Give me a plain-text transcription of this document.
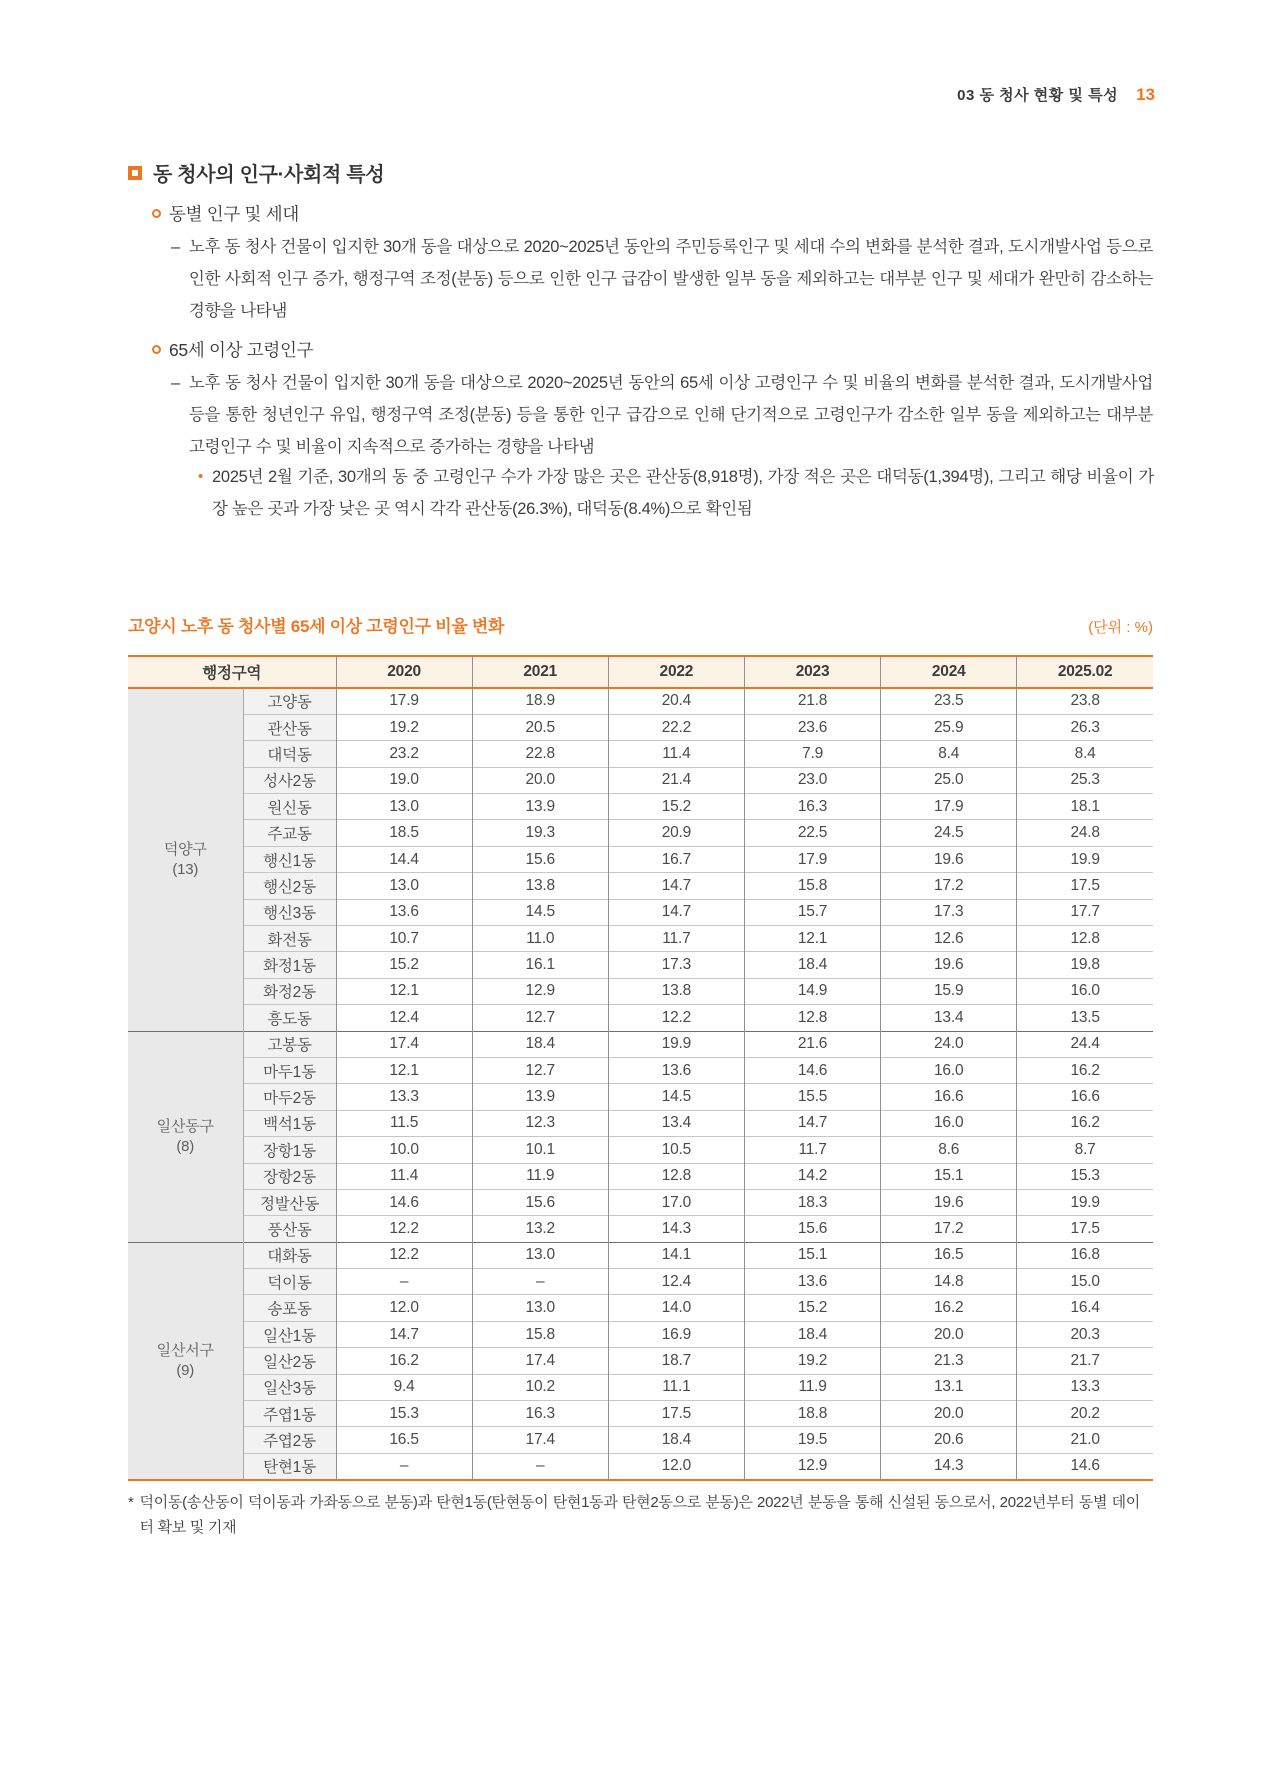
03 동 청사 현황 및 특성 13
동 청사의 인구·사회적 특성
동별 인구 및 세대
– 노후 동 청사 건물이 입지한 30개 동을 대상으로 2020~2025년 동안의 주민등록인구 및 세대 수의 변화를 분석한 결과, 도시개발사업 등으로 인한 사회적 인구 증가, 행정구역 조정(분동) 등으로 인한 인구 급감이 발생한 일부 동을 제외하고는 대부분 인구 및 세대가 완만히 감소하는 경향을 나타냄
65세 이상 고령인구
– 노후 동 청사 건물이 입지한 30개 동을 대상으로 2020~2025년 동안의 65세 이상 고령인구 수 및 비율의 변화를 분석한 결과, 도시개발사업 등을 통한 청년인구 유입, 행정구역 조정(분동) 등을 통한 인구 급감으로 인해 단기적으로 고령인구가 감소한 일부 동을 제외하고는 대부분 고령인구 수 및 비율이 지속적으로 증가하는 경향을 나타냄
• 2025년 2월 기준, 30개의 동 중 고령인구 수가 가장 많은 곳은 관산동(8,918명), 가장 적은 곳은 대덕동(1,394명), 그리고 해당 비율이 가장 높은 곳과 가장 낮은 곳 역시 각각 관산동(26.3%), 대덕동(8.4%)으로 확인됨
고양시 노후 동 청사별 65세 이상 고령인구 비율 변화	(단위 : %)
행정구역		2020	2021	2022	2023	2024	2025.02

덕양구
(13)	고양동	17.9	18.9	20.4	21.8	23.5	23.8
	관산동	19.2	20.5	22.2	23.6	25.9	26.3
	대덕동	23.2	22.8	11.4	7.9	8.4	8.4
	성사2동	19.0	20.0	21.4	23.0	25.0	25.3
	원신동	13.0	13.9	15.2	16.3	17.9	18.1
	주교동	18.5	19.3	20.9	22.5	24.5	24.8
	행신1동	14.4	15.6	16.7	17.9	19.6	19.9
	행신2동	13.0	13.8	14.7	15.8	17.2	17.5
	행신3동	13.6	14.5	14.7	15.7	17.3	17.7
	화전동	10.7	11.0	11.7	12.1	12.6	12.8
	화정1동	15.2	16.1	17.3	18.4	19.6	19.8
	화정2동	12.1	12.9	13.8	14.9	15.9	16.0
	흥도동	12.4	12.7	12.2	12.8	13.4	13.5

일산동구
(8)	고봉동	17.4	18.4	19.9	21.6	24.0	24.4
	마두1동	12.1	12.7	13.6	14.6	16.0	16.2
	마두2동	13.3	13.9	14.5	15.5	16.6	16.6
	백석1동	11.5	12.3	13.4	14.7	16.0	16.2
	장항1동	10.0	10.1	10.5	11.7	8.6	8.7
	장항2동	11.4	11.9	12.8	14.2	15.1	15.3
	정발산동	14.6	15.6	17.0	18.3	19.6	19.9
	풍산동	12.2	13.2	14.3	15.6	17.2	17.5

일산서구
(9)	대화동	12.2	13.0	14.1	15.1	16.5	16.8
	덕이동	–	–	12.4	13.6	14.8	15.0
	송포동	12.0	13.0	14.0	15.2	16.2	16.4
	일산1동	14.7	15.8	16.9	18.4	20.0	20.3
	일산2동	16.2	17.4	18.7	19.2	21.3	21.7
	일산3동	9.4	10.2	11.1	11.9	13.1	13.3
	주엽1동	15.3	16.3	17.5	18.8	20.0	20.2
	주엽2동	16.5	17.4	18.4	19.5	20.6	21.0
	탄현1동	–	–	12.0	12.9	14.3	14.6
* 덕이동(송산동이 덕이동과 가좌동으로 분동)과 탄현1동(탄현동이 탄현1동과 탄현2동으로 분동)은 2022년 분동을 통해 신설된 동으로서, 2022년부터 동별 데이터 확보 및 기재
